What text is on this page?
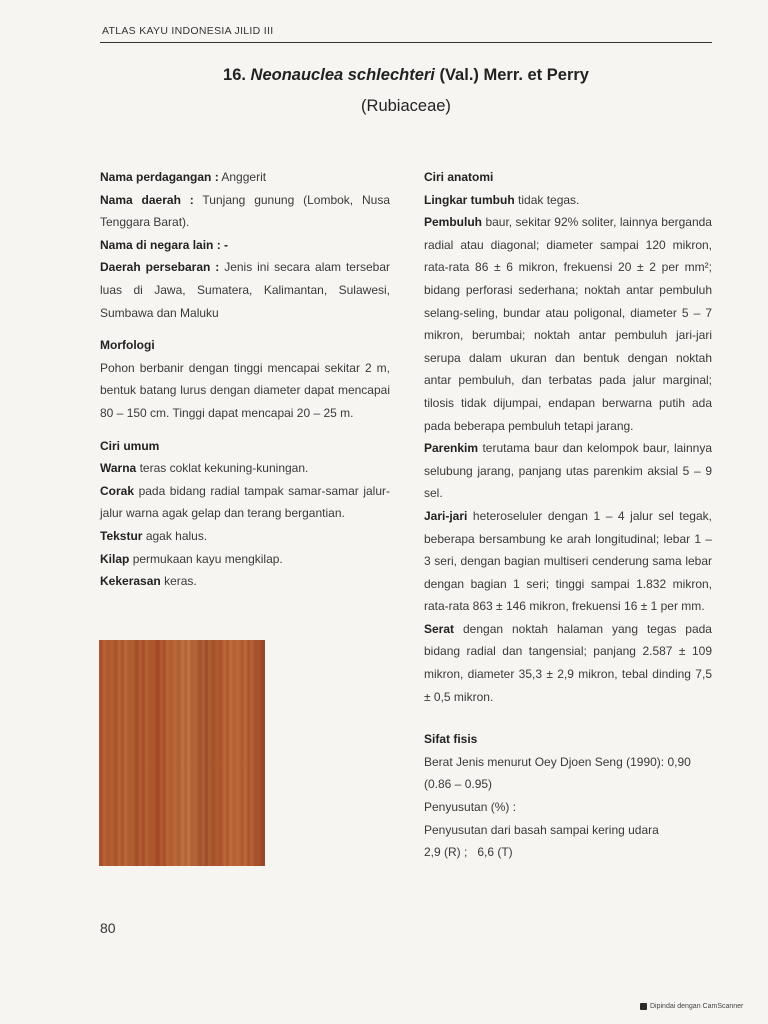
ATLAS KAYU INDONESIA JILID III
16. Neonauclea schlechteri (Val.) Merr. et Perry
(Rubiaceae)

Nama perdagangan : Anggerit

Nama daerah : Tunjang gunung (Lombok, Nusa Tenggara Barat).

Nama di negara lain : -

Daerah persebaran : Jenis ini secara alam tersebar luas di Jawa, Sumatera, Kalimantan, Sulawesi, Sumbawa dan Maluku

Morfologi

Pohon berbanir dengan tinggi mencapai sekitar 2 m, bentuk batang lurus dengan diameter dapat mencapai 80 – 150 cm. Tinggi dapat mencapai 20 – 25 m.

Ciri umum

Warna teras coklat kekuning-kuningan.

Corak pada bidang radial tampak samar-samar jalur-jalur warna agak gelap dan terang bergantian.

Tekstur agak halus.

Kilap permukaan kayu mengkilap.

Kekerasan keras.

Ciri anatomi

Lingkar tumbuh tidak tegas.

Pembuluh baur, sekitar 92% soliter, lainnya berganda radial atau diagonal; diameter sampai 120 mikron, rata-rata 86 ± 6 mikron, frekuensi 20 ± 2 per mm²; bidang perforasi sederhana; noktah antar pembuluh selang-seling, bundar atau poligonal, diameter 5 – 7 mikron, berumbai; noktah antar pembuluh jari-jari serupa dalam ukuran dan bentuk dengan noktah antar pembuluh, dan terbatas pada jalur marginal; tilosis tidak dijumpai, endapan berwarna putih ada pada beberapa pembuluh tetapi jarang.

Parenkim terutama baur dan kelompok baur, lainnya selubung jarang, panjang utas parenkim aksial 5 – 9 sel.

Jari-jari heteroseluler dengan 1 – 4 jalur sel tegak, beberapa bersambung ke arah longitudinal; lebar 1 – 3 seri, dengan bagian multiseri cenderung sama lebar dengan bagian 1 seri; tinggi sampai 1.832 mikron, rata-rata 863 ± 146 mikron, frekuensi 16 ± 1 per mm.

Serat dengan noktah halaman yang tegas pada bidang radial dan tangensial; panjang 2.587 ± 109 mikron, diameter 35,3 ± 2,9 mikron, tebal dinding 7,5 ± 0,5 mikron.

Sifat fisis

Berat Jenis menurut Oey Djoen Seng (1990): 0,90 (0.86 – 0.95)

Penyusutan (%) :

Penyusutan dari basah sampai kering udara

2,9 (R) ;   6,6 (T)

80
Dipindai dengan CamScanner
